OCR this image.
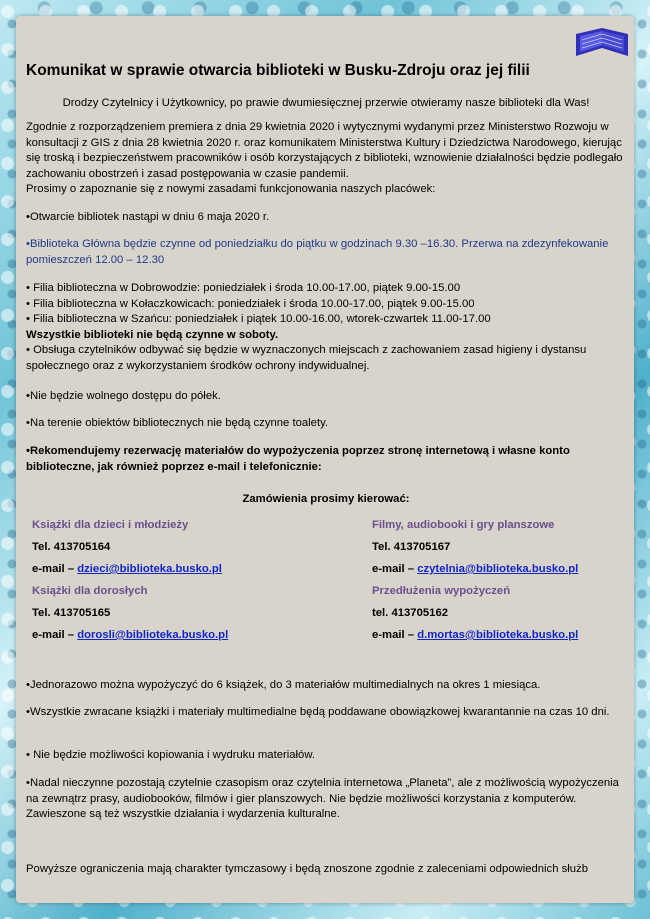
Komunikat w sprawie otwarcia biblioteki w Busku-Zdroju oraz jej filii
Drodzy Czytelnicy i Użytkownicy, po prawie dwumiesięcznej przerwie otwieramy nasze biblioteki dla Was!
Zgodnie z rozporządzeniem premiera z dnia 29 kwietnia 2020 i wytycznymi wydanymi przez Ministerstwo Rozwoju w konsultacji z GIS z dnia 28 kwietnia 2020 r. oraz komunikatem Ministerstwa Kultury i Dziedzictwa Narodowego, kierując się troską i bezpieczeństwem pracowników i osób korzystających z biblioteki, wznowienie działalności będzie podlegało zachowaniu obostrzeń i zasad postępowania w czasie pandemii.
Prosimy o zapoznanie się z nowymi zasadami funkcjonowania naszych placówek:
•Otwarcie bibliotek nastąpi w dniu 6 maja 2020 r.
•Biblioteka Główna będzie czynne od poniedziałku do piątku w godzinach 9.30 –16.30. Przerwa na zdezynfekowanie pomieszczeń 12.00 – 12.30
• Filia biblioteczna w Dobrowodzie: poniedziałek i środa 10.00-17.00, piątek 9.00-15.00
• Filia biblioteczna w Kołaczkowicach: poniedziałek i środa 10.00-17.00, piątek 9.00-15.00
• Filia biblioteczna w Szańcu: poniedziałek i piątek 10.00-16.00, wtorek-czwartek 11.00-17.00
Wszystkie biblioteki nie będą czynne w soboty.
• Obsługa czytelników odbywać się będzie w wyznaczonych miejscach z zachowaniem zasad higieny i dystansu społecznego oraz z wykorzystaniem środków ochrony indywidualnej.
•Nie będzie wolnego dostępu do półek.
•Na terenie obiektów bibliotecznych nie będą czynne toalety.
•Rekomendujemy rezerwację materiałów do wypożyczenia poprzez stronę internetową i własne konto biblioteczne, jak również poprzez e-mail i telefonicznie:
Zamówienia prosimy kierować:
Książki dla dzieci i młodzieży
Tel. 413705164
e-mail – dzieci@biblioteka.busko.pl
Książki dla dorosłych
Tel. 413705165
e-mail – dorosli@biblioteka.busko.pl
Filmy, audiobooki i gry planszowe
Tel. 413705167
e-mail – czytelnia@biblioteka.busko.pl
Przedłużenia wypożyczeń
tel. 413705162
e-mail – d.mortas@biblioteka.busko.pl
•Jednorazowo można wypożyczyć do 6 książek, do 3 materiałów multimedialnych na okres 1 miesiąca.
•Wszystkie zwracane książki i materiały multimedialne będą poddawane obowiązkowej kwarantannie na czas 10 dni.
• Nie będzie możliwości kopiowania i wydruku materiałów.
•Nadal nieczynne pozostają czytelnie czasopism oraz czytelnia internetowa „Planeta”, ale z możliwością wypożyczenia na zewnątrz prasy, audiobooków, filmów i gier planszowych. Nie będzie możliwości korzystania z komputerów. Zawieszone są też wszystkie działania i wydarzenia kulturalne.
Powyższe ograniczenia mają charakter tymczasowy i będą znoszone zgodnie z zaleceniami odpowiednich służb
